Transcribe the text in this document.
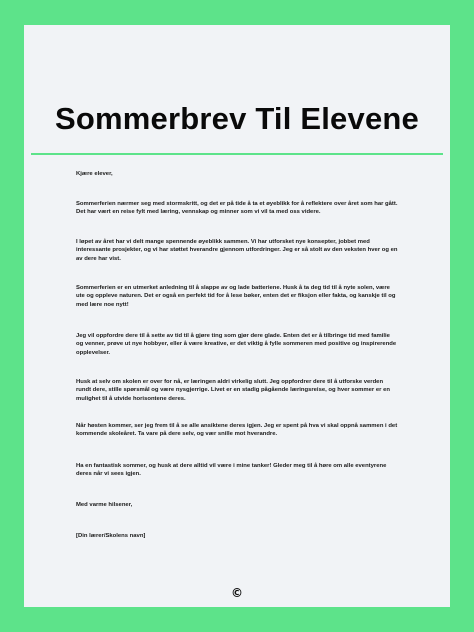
Sommerbrev Til Elevene

Kjære elever,

Sommerferien nærmer seg med stormskritt, og det er på tide å ta et øyeblikk for å reflektere over året som har gått. Det har vært en reise fylt med læring, vennskap og minner som vi vil ta med oss videre.

I løpet av året har vi delt mange spennende øyeblikk sammen. Vi har utforsket nye konsepter, jobbet med interessante prosjekter, og vi har støttet hverandre gjennom utfordringer. Jeg er så stolt av den veksten hver og en av dere har vist.

Sommerferien er en utmerket anledning til å slappe av og lade batteriene. Husk å ta deg tid til å nyte solen, være ute og oppleve naturen. Det er også en perfekt tid for å lese bøker, enten det er fiksjon eller fakta, og kanskje til og med lære noe nytt!

Jeg vil oppfordre dere til å sette av tid til å gjøre ting som gjør dere glade. Enten det er å tilbringe tid med familie og venner, prøve ut nye hobbyer, eller å være kreative, er det viktig å fylle sommeren med positive og inspirerende opplevelser.

Husk at selv om skolen er over for nå, er læringen aldri virkelig slutt. Jeg oppfordrer dere til å utforske verden rundt dere, stille spørsmål og være nysgjerrige. Livet er en stadig pågående læringsreise, og hver sommer er en mulighet til å utvide horisontene deres.

Når høsten kommer, ser jeg frem til å se alle ansiktene deres igjen. Jeg er spent på hva vi skal oppnå sammen i det kommende skoleåret. Ta vare på dere selv, og vær snille mot hverandre.

Ha en fantastisk sommer, og husk at dere alltid vil være i mine tanker! Gleder meg til å høre om alle eventyrene deres når vi sees igjen.

Med varme hilsener,

[Din lærer/Skolens navn]

©
